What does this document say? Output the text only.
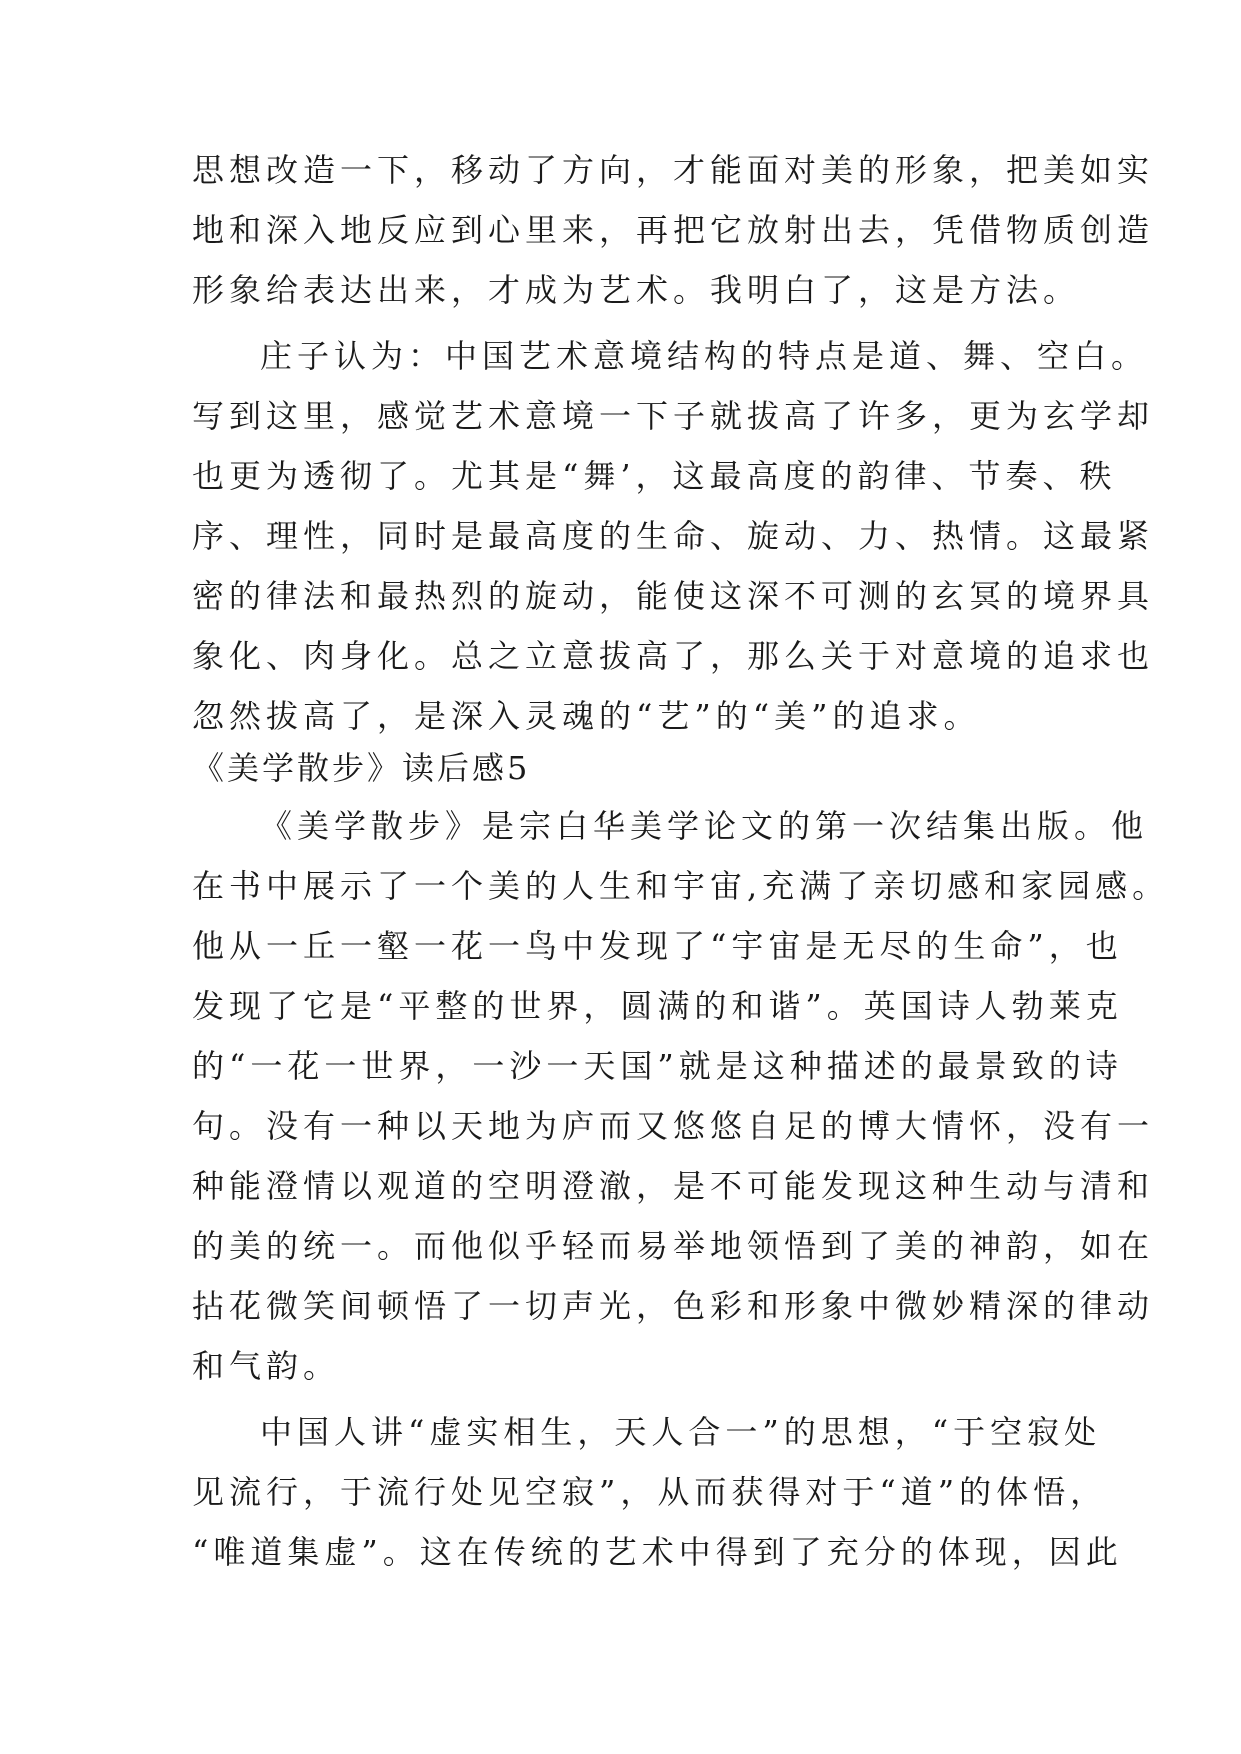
思想改造一下，移动了方向，才能面对美的形象，把美如实
地和深入地反应到心里来，再把它放射出去，凭借物质创造
形象给表达出来，才成为艺术。我明白了，这是方法。
庄子认为：中国艺术意境结构的特点是道、舞、空白。
写到这里，感觉艺术意境一下子就拔高了许多，更为玄学却
也更为透彻了。尤其是“舞’，这最高度的韵律、节奏、秩
序、理性，同时是最高度的生命、旋动、力、热情。这最紧
密的律法和最热烈的旋动，能使这深不可测的玄冥的境界具
象化、肉身化。总之立意拔高了，那么关于对意境的追求也
忽然拔高了，是深入灵魂的“艺”的“美”的追求。
《美学散步》读后感5
《美学散步》是宗白华美学论文的第一次结集出版。他
在书中展示了一个美的人生和宇宙,充满了亲切感和家园感。
他从一丘一壑一花一鸟中发现了“宇宙是无尽的生命”，也
发现了它是“平整的世界，圆满的和谐”。英国诗人勃莱克
的“一花一世界，一沙一天国”就是这种描述的最景致的诗
句。没有一种以天地为庐而又悠悠自足的博大情怀，没有一
种能澄情以观道的空明澄澈，是不可能发现这种生动与清和
的美的统一。而他似乎轻而易举地领悟到了美的神韵，如在
拈花微笑间顿悟了一切声光，色彩和形象中微妙精深的律动
和气韵。
中国人讲“虚实相生，天人合一”的思想，“于空寂处
见流行，于流行处见空寂”，从而获得对于“道”的体悟，
“唯道集虚”。这在传统的艺术中得到了充分的体现，因此
